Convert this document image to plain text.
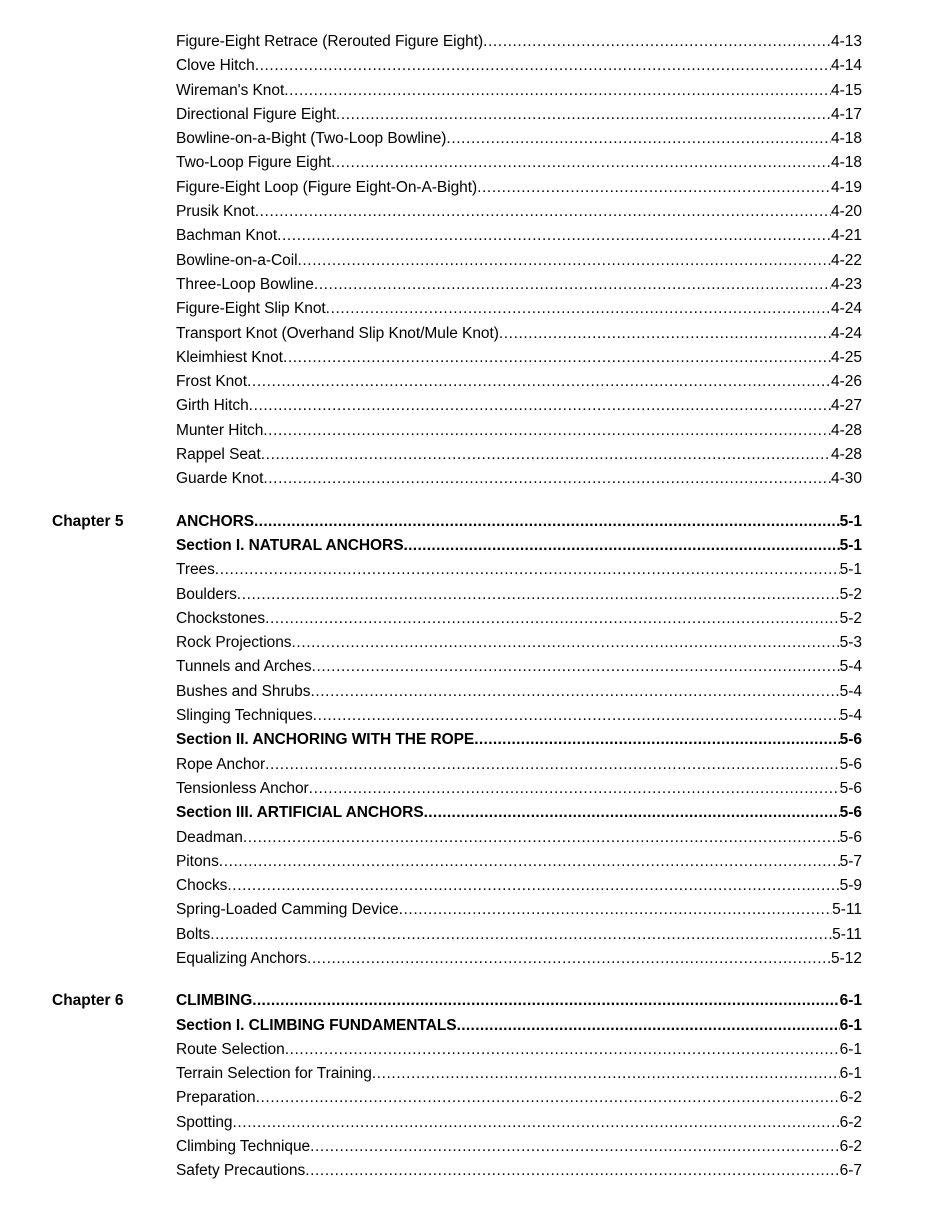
Figure-Eight Retrace (Rerouted Figure Eight) .....	4-13
Clove Hitch .....	4-14
Wireman's Knot .....	4-15
Directional Figure Eight .....	4-17
Bowline-on-a-Bight (Two-Loop Bowline) .....	4-18
Two-Loop Figure Eight .....	4-18
Figure-Eight Loop (Figure Eight-On-A-Bight) .....	4-19
Prusik Knot .....	4-20
Bachman Knot .....	4-21
Bowline-on-a-Coil .....	4-22
Three-Loop Bowline .....	4-23
Figure-Eight Slip Knot .....	4-24
Transport Knot (Overhand Slip Knot/Mule Knot) .....	4-24
Kleimhiest Knot .....	4-25
Frost Knot .....	4-26
Girth Hitch .....	4-27
Munter Hitch .....	4-28
Rappel Seat .....	4-28
Guarde Knot .....	4-30
Chapter 5	ANCHORS .....	5-1
Section I. NATURAL ANCHORS .....	5-1
Trees .....	5-1
Boulders .....	5-2
Chockstones .....	5-2
Rock Projections .....	5-3
Tunnels and Arches .....	5-4
Bushes and Shrubs .....	5-4
Slinging Techniques .....	5-4
Section II. ANCHORING WITH THE ROPE .....	5-6
Rope Anchor .....	5-6
Tensionless Anchor .....	5-6
Section III. ARTIFICIAL ANCHORS .....	5-6
Deadman .....	5-6
Pitons .....	5-7
Chocks .....	5-9
Spring-Loaded Camming Device .....	5-11
Bolts .....	5-11
Equalizing Anchors .....	5-12
Chapter 6	CLIMBING .....	6-1
Section I. CLIMBING FUNDAMENTALS .....	6-1
Route Selection .....	6-1
Terrain Selection for Training .....	6-1
Preparation .....	6-2
Spotting .....	6-2
Climbing Technique .....	6-2
Safety Precautions .....	6-7
